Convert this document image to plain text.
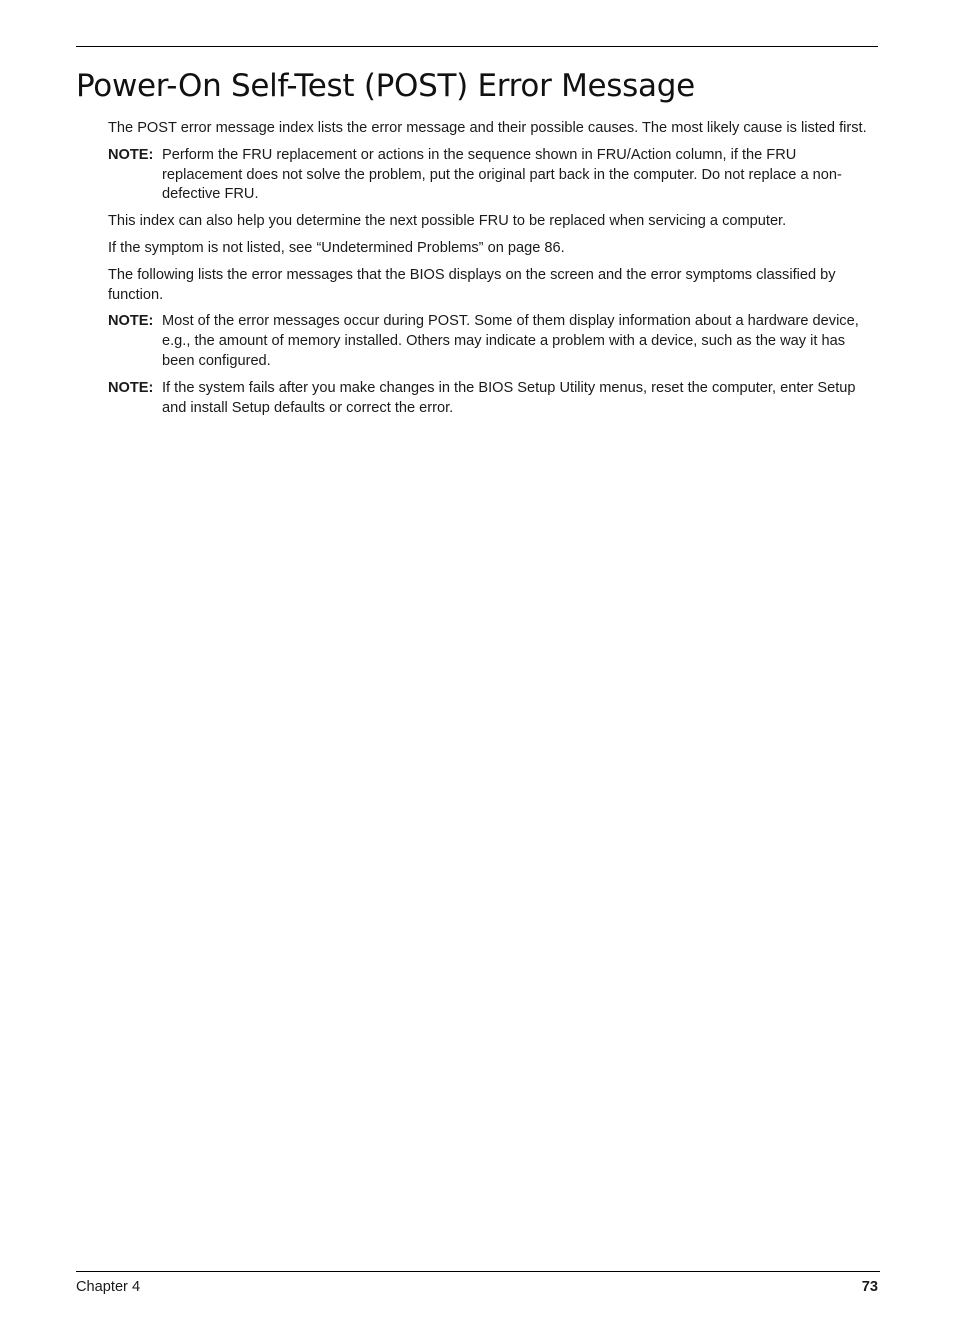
Power-On Self-Test (POST) Error Message

The POST error message index lists the error message and their possible causes. The most likely cause is listed first.

NOTE: Perform the FRU replacement or actions in the sequence shown in FRU/Action column, if the FRU replacement does not solve the problem, put the original part back in the computer. Do not replace a non-defective FRU.

This index can also help you determine the next possible FRU to be replaced when servicing a computer.

If the symptom is not listed, see “Undetermined Problems” on page 86.

The following lists the error messages that the BIOS displays on the screen and the error symptoms classified by function.

NOTE: Most of the error messages occur during POST. Some of them display information about a hardware device, e.g., the amount of memory installed. Others may indicate a problem with a device, such as the way it has been configured.
NOTE: If the system fails after you make changes in the BIOS Setup Utility menus, reset the computer, enter Setup and install Setup defaults or correct the error.
Chapter 4	73
